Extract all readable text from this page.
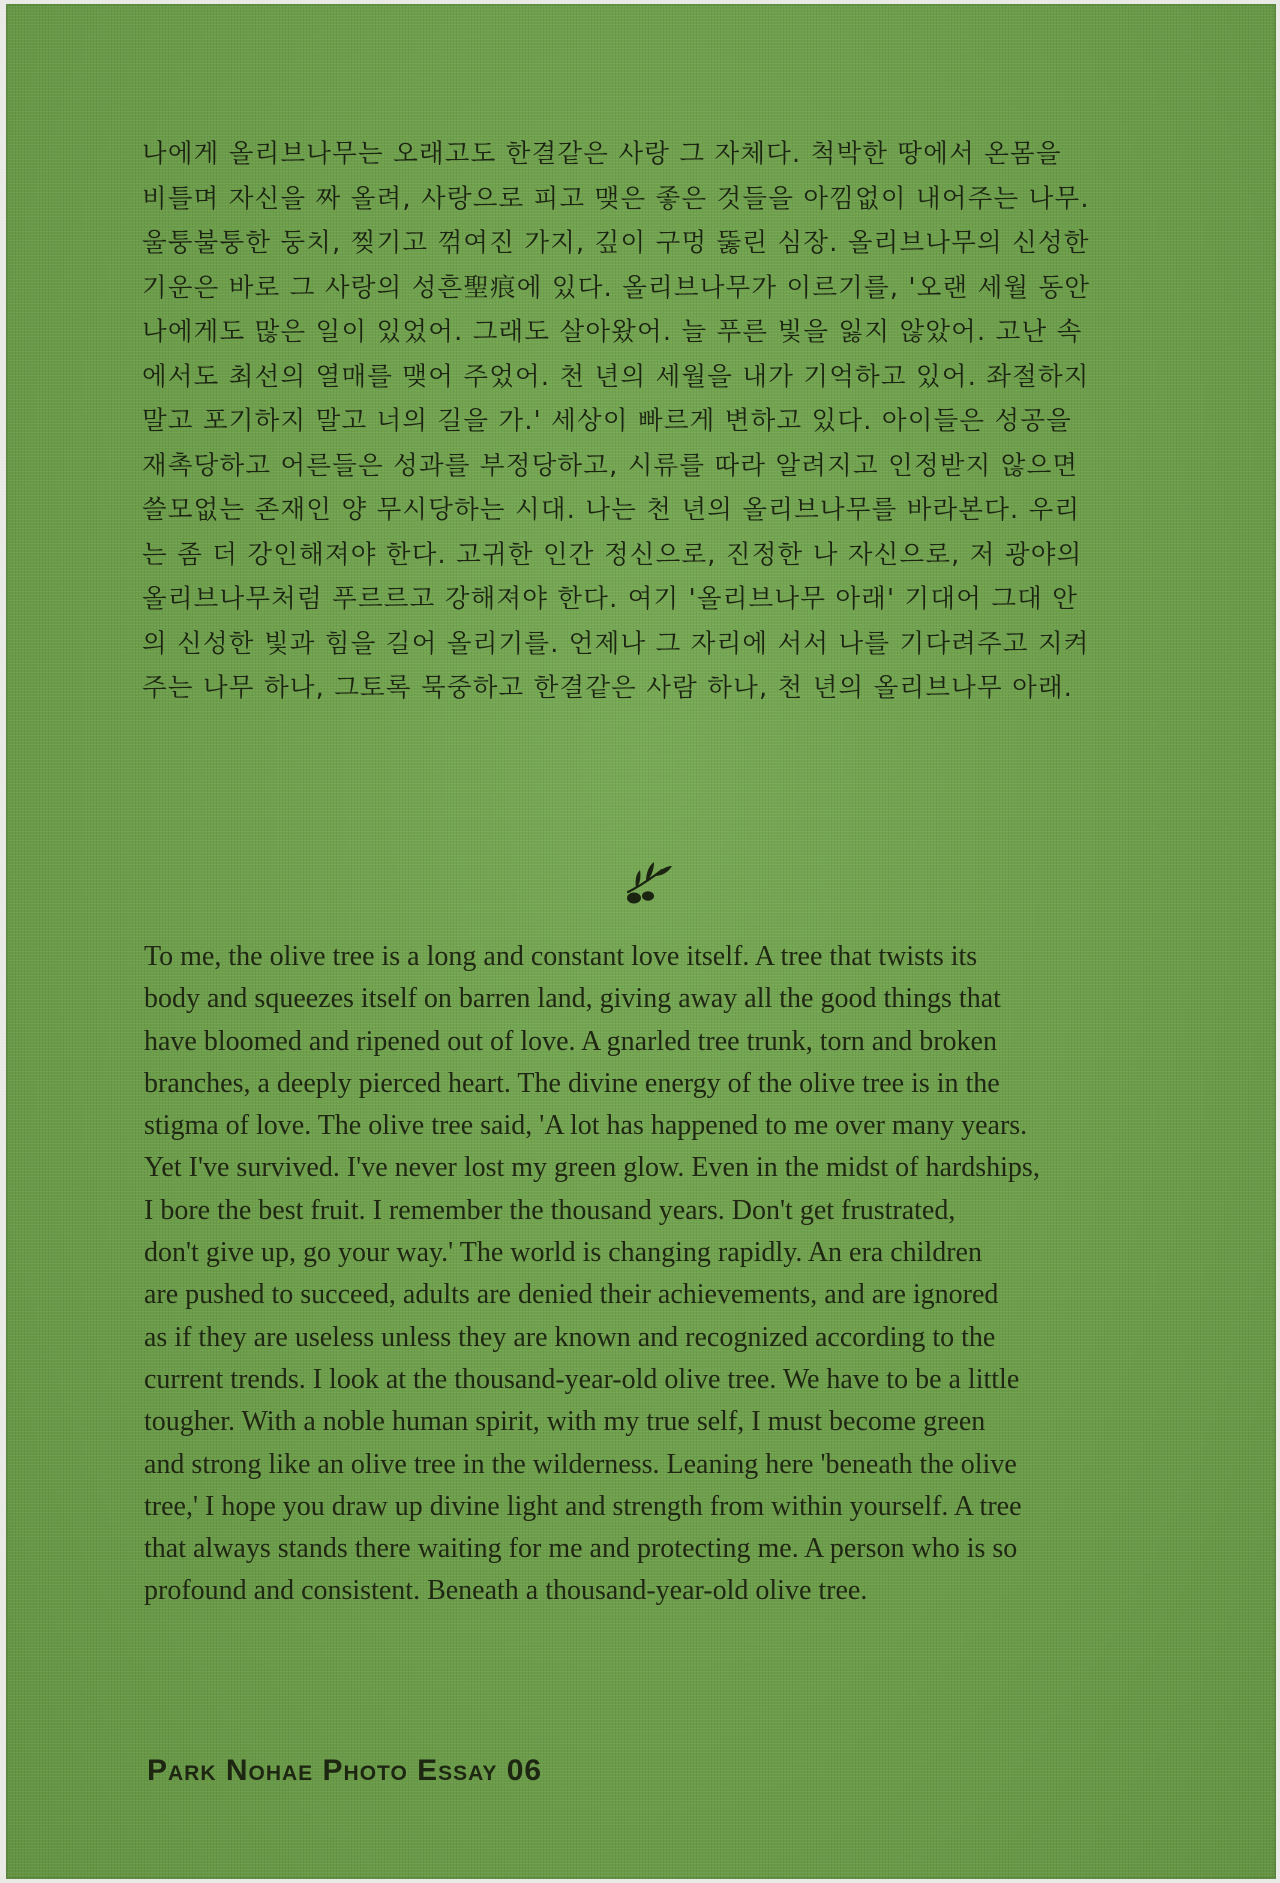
나에게 올리브나무는 오래고도 한결같은 사랑 그 자체다. 척박한 땅에서 온몸을
비틀며 자신을 짜 올려, 사랑으로 피고 맺은 좋은 것들을 아낌없이 내어주는 나무.
울퉁불퉁한 둥치, 찢기고 꺾여진 가지, 깊이 구멍 뚫린 심장. 올리브나무의 신성한
기운은 바로 그 사랑의 성흔聖痕에 있다. 올리브나무가 이르기를, '오랜 세월 동안
나에게도 많은 일이 있었어. 그래도 살아왔어. 늘 푸른 빛을 잃지 않았어. 고난 속
에서도 최선의 열매를 맺어 주었어. 천 년의 세월을 내가 기억하고 있어. 좌절하지
말고 포기하지 말고 너의 길을 가.' 세상이 빠르게 변하고 있다. 아이들은 성공을
재촉당하고 어른들은 성과를 부정당하고, 시류를 따라 알려지고 인정받지 않으면
쓸모없는 존재인 양 무시당하는 시대. 나는 천 년의 올리브나무를 바라본다. 우리
는 좀 더 강인해져야 한다. 고귀한 인간 정신으로, 진정한 나 자신으로, 저 광야의
올리브나무처럼 푸르르고 강해져야 한다. 여기 '올리브나무 아래' 기대어 그대 안
의 신성한 빛과 힘을 길어 올리기를. 언제나 그 자리에 서서 나를 기다려주고 지켜
주는 나무 하나, 그토록 묵중하고 한결같은 사람 하나, 천 년의 올리브나무 아래.

To me, the olive tree is a long and constant love itself. A tree that twists its
body and squeezes itself on barren land, giving away all the good things that
have bloomed and ripened out of love. A gnarled tree trunk, torn and broken
branches, a deeply pierced heart. The divine energy of the olive tree is in the
stigma of love. The olive tree said, 'A lot has happened to me over many years.
Yet I've survived. I've never lost my green glow. Even in the midst of hardships,
I bore the best fruit. I remember the thousand years. Don't get frustrated,
don't give up, go your way.' The world is changing rapidly. An era children
are pushed to succeed, adults are denied their achievements, and are ignored
as if they are useless unless they are known and recognized according to the
current trends. I look at the thousand-year-old olive tree. We have to be a little
tougher. With a noble human spirit, with my true self, I must become green
and strong like an olive tree in the wilderness. Leaning here 'beneath the olive
tree,' I hope you draw up divine light and strength from within yourself. A tree
that always stands there waiting for me and protecting me. A person who is so
profound and consistent. Beneath a thousand-year-old olive tree.

Park Nohae Photo Essay 06
